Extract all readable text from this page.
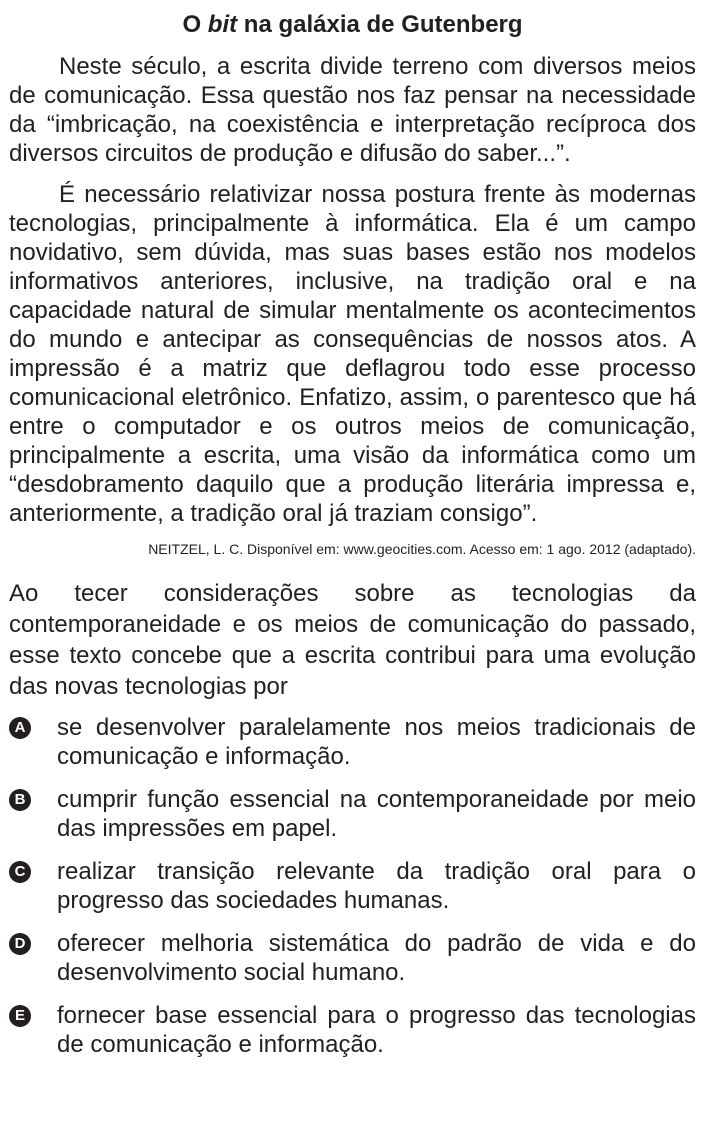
O bit na galáxia de Gutenberg

Neste século, a escrita divide terreno com diversos meios de comunicação. Essa questão nos faz pensar na necessidade da “imbricação, na coexistência e interpretação recíproca dos diversos circuitos de produção e difusão do saber...”.

É necessário relativizar nossa postura frente às modernas tecnologias, principalmente à informática. Ela é um campo novidativo, sem dúvida, mas suas bases estão nos modelos informativos anteriores, inclusive, na tradição oral e na capacidade natural de simular mentalmente os acontecimentos do mundo e antecipar as consequências de nossos atos. A impressão é a matriz que deflagrou todo esse processo comunicacional eletrônico. Enfatizo, assim, o parentesco que há entre o computador e os outros meios de comunicação, principalmente a escrita, uma visão da informática como um “desdobramento daquilo que a produção literária impressa e, anteriormente, a tradição oral já traziam consigo”.

NEITZEL, L. C. Disponível em: www.geocities.com. Acesso em: 1 ago. 2012 (adaptado).

Ao tecer considerações sobre as tecnologias da contemporaneidade e os meios de comunicação do passado, esse texto concebe que a escrita contribui para uma evolução das novas tecnologias por

A se desenvolver paralelamente nos meios tradicionais de comunicação e informação.
B cumprir função essencial na contemporaneidade por meio das impressões em papel.
C realizar transição relevante da tradição oral para o progresso das sociedades humanas.
D oferecer melhoria sistemática do padrão de vida e do desenvolvimento social humano.
E fornecer base essencial para o progresso das tecnologias de comunicação e informação.
